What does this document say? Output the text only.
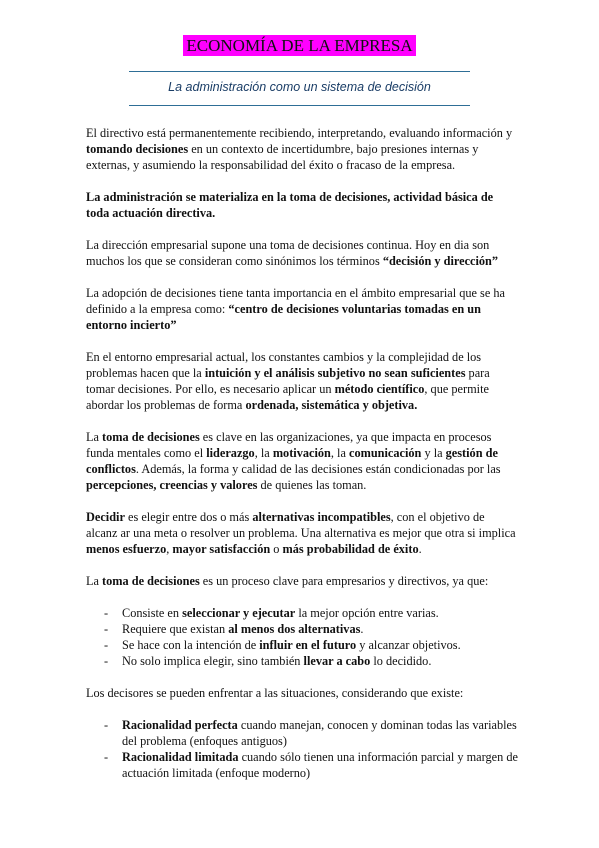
ECONOMÍA DE LA EMPRESA
La administración como un sistema de decisión

El directivo está permanentemente recibiendo, interpretando, evaluando información y tomando decisiones en un contexto de incertidumbre, bajo presiones internas y externas, y asumiendo la responsabilidad del éxito o fracaso de la empresa.

La administración se materializa en la toma de decisiones, actividad básica de toda actuación directiva.

La dirección empresarial supone una toma de decisiones continua. Hoy en dia son muchos los que se consideran como sinónimos los términos “decisión y dirección”

La adopción de decisiones tiene tanta importancia en el ámbito empresarial que se ha definido a la empresa como: “centro de decisiones voluntarias tomadas en un entorno incierto”

En el entorno empresarial actual, los constantes cambios y la complejidad de los problemas hacen que la intuición y el análisis subjetivo no sean suficientes para tomar decisiones. Por ello, es necesario aplicar un método científico, que permite abordar los problemas de forma ordenada, sistemática y objetiva.

La toma de decisiones es clave en las organizaciones, ya que impacta en procesos funda mentales como el liderazgo, la motivación, la comunicación y la gestión de conflictos. Además, la forma y calidad de las decisiones están condicionadas por las percepciones, creencias y valores de quienes las toman.

Decidir es elegir entre dos o más alternativas incompatibles, con el objetivo de alcanz ar una meta o resolver un problema. Una alternativa es mejor que otra si implica menos esfuerzo, mayor satisfacción o más probabilidad de éxito.

La toma de decisiones es un proceso clave para empresarios y directivos, ya que:

- Consiste en seleccionar y ejecutar la mejor opción entre varias.
- Requiere que existan al menos dos alternativas.
- Se hace con la intención de influir en el futuro y alcanzar objetivos.
- No solo implica elegir, sino también llevar a cabo lo decidido.

Los decisores se pueden enfrentar a las situaciones, considerando que existe:

- Racionalidad perfecta cuando manejan, conocen y dominan todas las variables del problema (enfoques antiguos)
- Racionalidad limitada cuando sólo tienen una información parcial y margen de actuación limitada (enfoque moderno)
